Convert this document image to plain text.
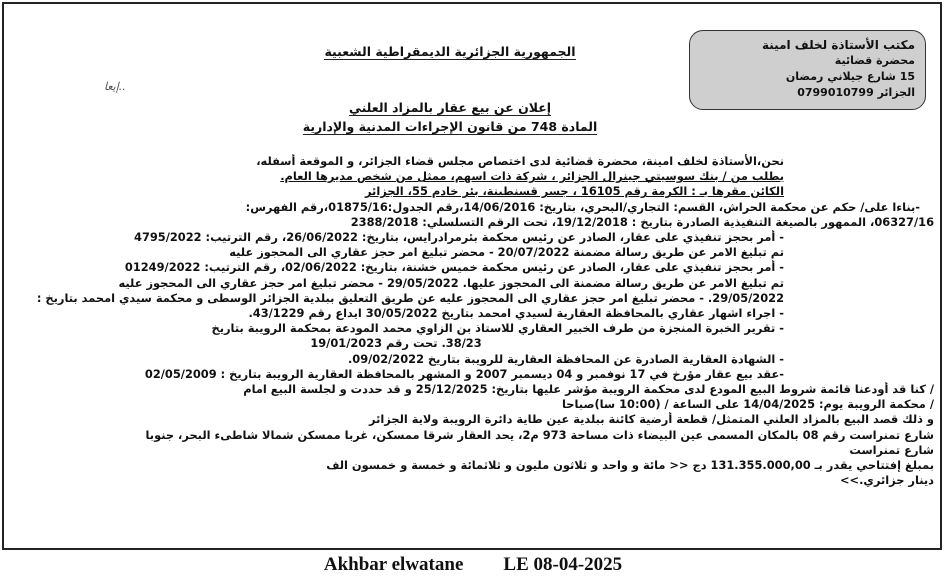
مكتب الأستاذة لخلف امينة
محضرة قضائية
15 شارع جيلاني رمضان
الجزائر 0799010799
الجمهورية الجزائرية الديمقراطية الشعبية
إيعا..
إعلان عن بيع عقار بالمزاد العلني
المادة 748 من قانون الإجراءات المدنية والإدارية

نحن،الأستاذة لخلف امينة، محضرة قضائية لدى اختصاص مجلس قضاء الجزائر، و الموقعة أسفله،

بطلب من / بنك سوسيتي جينرال الجزائر ، شركة ذات اسهم، ممثل من شخص مديرها العام.

الكائن مقرها بـ : الكرمة رقم 16105 ، جسر قسنطينة، بئر خادم 55، الجزائر

-بناءا على/ حكم عن محكمة الحراش، القسم: التجاري/البحري، بتاريخ: 14/06/2016،رقم الجدول:01875/16،رقم الفهرس:

06327/16، الممهور بالصيغة التنفيذية الصادرة بتاريخ : 19/12/2018، تحت الرقم التسلسلي: 2388/2018

- أمر بحجز تنفيذي على عقار، الصادر عن رئيس محكمة بئرمرادرايس، بتاريخ: 26/06/2022، رقم الترتيب: 4795/2022

تم تبليغ الامر عن طريق رسالة مضمنة 20/07/2022 - محضر تبليغ امر حجز عقاري الى المحجوز عليه

- أمر بحجز تنفيذي على عقار، الصادر عن رئيس محكمة خميس خشنة، بتاريخ: 02/06/2022، رقم الترتيب: 01249/2022

تم تبليغ الامر عن طريق رسالة مضمنة الى المحجوز عليها. 29/05/2022 - محضر تبليغ امر حجز عقاري الى المحجوز عليه

29/05/2022. - محضر تبليغ امر حجز عقاري الى المحجوز عليه عن طريق التعليق ببلدية الجزائر الوسطى و محكمة سيدي امحمد بتاريخ :

- اجراء اشهار عقاري بالمحافظة العقارية لسيدي امحمد بتاريخ 30/05/2022 ايداع رقم 43/1229.

- تقرير الخبرة المنجزة من طرف الخبير العقاري للاستاذ بن الزاوي محمد المودعة بمحكمة الرويبة بتاريخ

38/23. تحت رقم 19/01/2023

- الشهادة العقارية الصادرة عن المحافظة العقارية للرويبة بتاريخ 09/02/2022.

-عقد بيع عقار مؤرخ في 17 نوفمبر و 04 ديسمبر 2007 و المشهر بالمحافظة العقارية الرويبة بتاريخ : 02/05/2009

/ كنا قد أودعنا قائمة شروط البيع المودع لدى محكمة الرويبة مؤشر عليها بتاريخ: 25/12/2025 و قد حددت و لجلسة البيع امام

/ محكمة الرويبة يوم: 14/04/2025 على الساعة / (10:00 سا)صباحا

و ذلك قصد البيع بالمزاد العلني المتمثل/ قطعة أرضية كائنة ببلدية عين طاية دائرة الرويبة ولاية الجزائر

شارع تمنراست رقم 08 بالمكان المسمى عين البيضاء ذات مساحة 973 م2، يحد العقار شرقا ممسكن، غربا ممسكن شمالا شاطىء البحر، جنوبا

شارع تمنراست

بمبلغ إفتتاحي يقدر بـ 131.355.000,00 دج << مائة و واحد و ثلاثون مليون و ثلاثمائة و خمسة و خمسون الف

دينار جزائري.>>

Akhbar elwatane LE 08-04-2025
